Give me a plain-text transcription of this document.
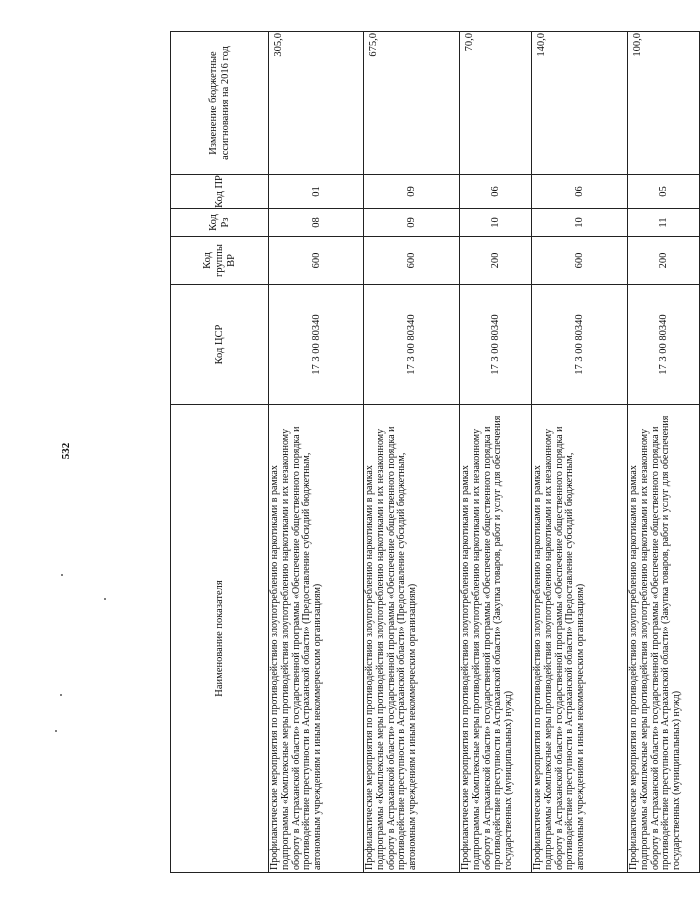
532
Наименование показателя	Код ЦСР	Код группы ВР	Код Рз	Код ПР	Изменение бюджетные ассигнования на 2016 год
Профилактические мероприятия по противодействию злоупотреблению наркотиками в рамках подпрограммы «Комплексные меры противодействия злоупотреблению наркотиками и их незаконному обороту в Астраханской области» государственной программы «Обеспечение общественного порядка и противодействие преступности в Астраханской области» (Предоставление субсидий бюджетным, автономным учреждениям и иным некоммерческим организациям)	17 3 00 80340	600	08	01	305,0
Профилактические мероприятия по противодействию злоупотреблению наркотиками в рамках подпрограммы «Комплексные меры противодействия злоупотреблению наркотиками и их незаконному обороту в Астраханской области» государственной программы «Обеспечение общественного порядка и противодействие преступности в Астраханской области» (Предоставление субсидий бюджетным, автономным учреждениям и иным некоммерческим организациям)	17 3 00 80340	600	09	09	675,0
Профилактические мероприятия по противодействию злоупотреблению наркотиками в рамках подпрограммы «Комплексные меры противодействия злоупотреблению наркотиками и их незаконному обороту в Астраханской области» государственной программы «Обеспечение общественного порядка и противодействие преступности в Астраханской области» (Закупка товаров, работ и услуг для обеспечения государственных (муниципальных) нужд)	17 3 00 80340	200	10	06	70,0
Профилактические мероприятия по противодействию злоупотреблению наркотиками в рамках подпрограммы «Комплексные меры противодействия злоупотреблению наркотиками и их незаконному обороту в Астраханской области» государственной программы «Обеспечение общественного порядка и противодействие преступности в Астраханской области» (Предоставление субсидий бюджетным, автономным учреждениям и иным некоммерческим организациям)	17 3 00 80340	600	10	06	140,0
Профилактические мероприятия по противодействию злоупотреблению наркотиками в рамках подпрограммы «Комплексные меры противодействия злоупотреблению наркотиками и их незаконному обороту в Астраханской области» государственной программы «Обеспечение общественного порядка и противодействие преступности в Астраханской области» (Закупка товаров, работ и услуг для обеспечения государственных (муниципальных) нужд)	17 3 00 80340	200	11	05	100,0
